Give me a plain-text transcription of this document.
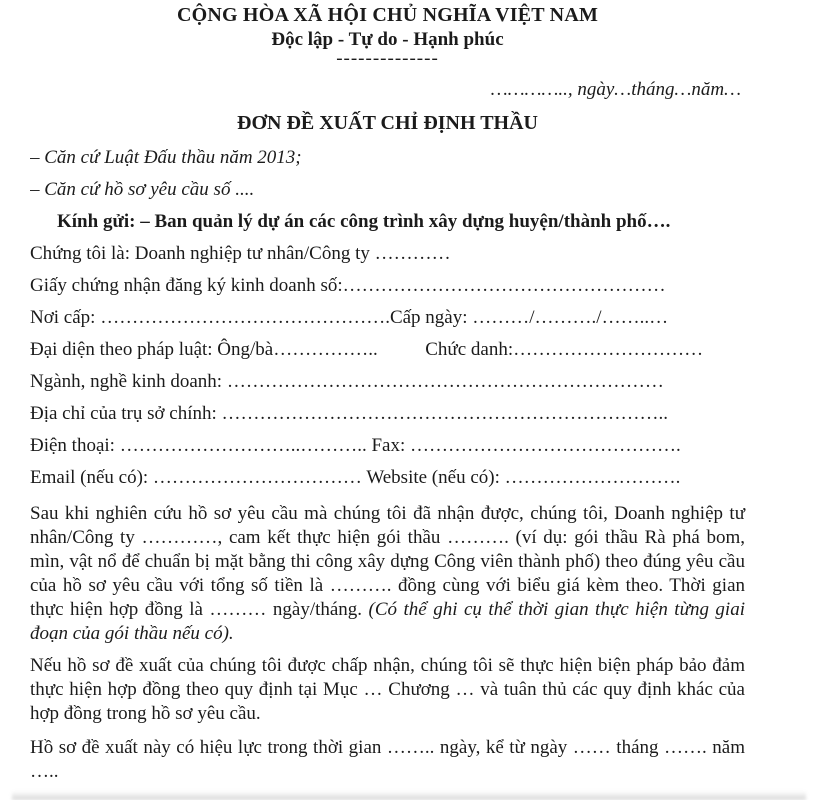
CỘNG HÒA XÃ HỘI CHỦ NGHĨA VIỆT NAM
Độc lập - Tự do - Hạnh phúc
--------------
………….., ngày…tháng…năm…
ĐƠN ĐỀ XUẤT CHỈ ĐỊNH THẦU
– Căn cứ Luật Đấu thầu năm 2013;
– Căn cứ hồ sơ yêu cầu số ....
Kính gửi: – Ban quản lý dự án các công trình xây dựng huyện/thành phố….
Chứng tôi là: Doanh nghiệp tư nhân/Công ty …………
Giấy chứng nhận đăng ký kinh doanh số:……………………………………………
Nơi cấp: ……………………………………….Cấp ngày: ………/………./……..…
Đại diện theo pháp luật: Ông/bà……………..          Chức danh:…………………………
Ngành, nghề kinh doanh: ……………………………………………………………
Địa chỉ của trụ sở chính: ……………………………………………………………..
Điện thoại: ………………………..……….. Fax: …………………………………….
Email (nếu có): …………………………… Website (nếu có): ……………………….

Sau khi nghiên cứu hồ sơ yêu cầu mà chúng tôi đã nhận được, chúng tôi, Doanh nghiệp tư nhân/Công ty …………, cam kết thực hiện gói thầu ………. (ví dụ: gói thầu Rà phá bom, mìn, vật nổ để chuẩn bị mặt bằng thi công xây dựng Công viên thành phố) theo đúng yêu cầu của hồ sơ yêu cầu với tổng số tiền là ………. đồng cùng với biểu giá kèm theo. Thời gian thực hiện hợp đồng là ……… ngày/tháng. (Có thể ghi cụ thể thời gian thực hiện từng giai đoạn của gói thầu nếu có).

Nếu hồ sơ đề xuất của chúng tôi được chấp nhận, chúng tôi sẽ thực hiện biện pháp bảo đảm thực hiện hợp đồng theo quy định tại Mục … Chương … và tuân thủ các quy định khác của hợp đồng trong hồ sơ yêu cầu.

Hồ sơ đề xuất này có hiệu lực trong thời gian …….. ngày, kể từ ngày …… tháng ……. năm …..
